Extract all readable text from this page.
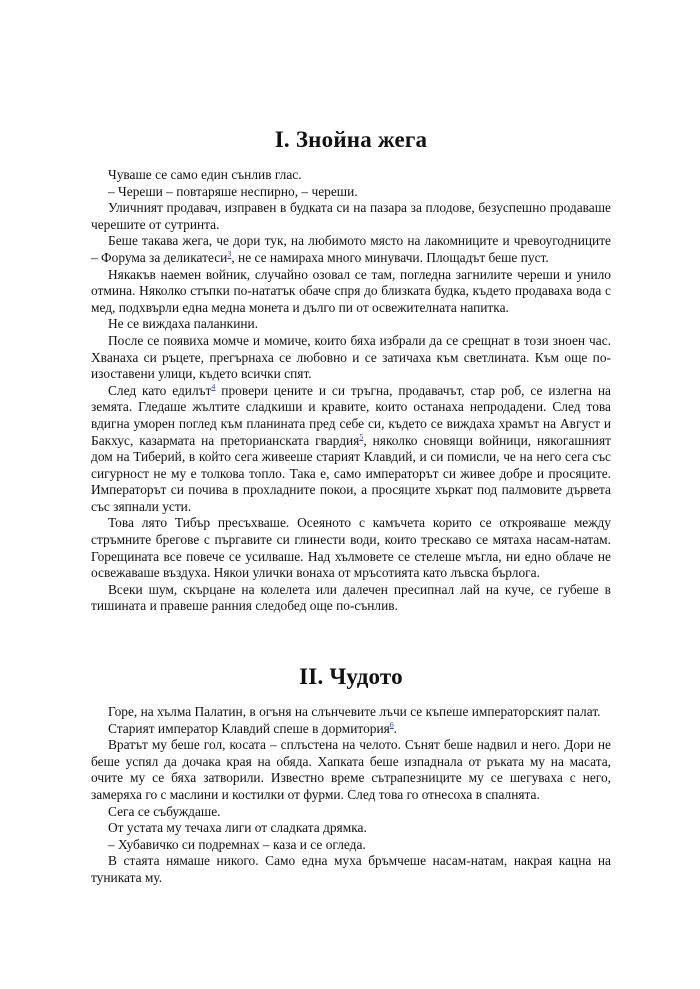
I. Знойна жега

Чуваше се само един сънлив глас.

– Череши – повтаряше неспирно, – череши.

Уличният продавач, изправен в будката си на пазара за плодове, безуспешно продаваше черешите от сутринта.

Беше такава жега, че дори тук, на любимото място на лакомниците и чревоугодниците – Форума за деликатеси$^3$, не се намираха много минувачи. Площадът беше пуст.

Някакъв наемен войник, случайно озовал се там, погледна загнилите череши и унило отмина. Няколко стъпки по-нататък обаче спря до близката будка, където продаваха вода с мед, подхвърли една медна монета и дълго пи от освежителната напитка.

Не се виждаха паланкини.

После се появиха момче и момиче, които бяха избрали да се срещнат в този зноен час. Хванаха си ръцете, прегърнаха се любовно и се затичаха към светлината. Към още по-изоставени улици, където всички спят.

След като едилът$^4$ провери цените и си тръгна, продавачът, стар роб, се излегна на земята. Гледаше жълтите сладкиши и кравите, които останаха непродадени. След това вдигна уморен поглед към планината пред себе си, където се виждаха храмът на Август и Бакхус, казармата на преторианската гвардия$^5$, няколко сновящи войници, някогашният дом на Тиберий, в който сега живееше старият Клавдий, и си помисли, че на него сега със сигурност не му е толкова топло. Така е, само императорът си живее добре и просяците. Императорът си почива в прохладните покои, а просяците хъркат под палмовите дървета със зяпнали усти.

Това лято Тибър пресъхваше. Осеяното с камъчета корито се открояваше между стръмните брегове с пъргавите си глинести води, които трескаво се мятаха насам-натам. Горещината все повече се усилваше. Над хълмовете се стелеше мъгла, ни едно облаче не освежаваше въздуха. Някои улички вонаха от мръсотията като лъвска бърлога.

Всеки шум, скърцане на колелета или далечен пресипнал лай на куче, се губеше в тишината и правеше ранния следобед още по-сънлив.

II. Чудото

Горе, на хълма Палатин, в огъня на слънчевите лъчи се къпеше императорският палат.

Старият император Клавдий спеше в дормитория$^6$.

Вратът му беше гол, косата – сплъстена на челото. Сънят беше надвил и него. Дори не беше успял да дочака края на обяда. Хапката беше изпаднала от ръката му на масата, очите му се бяха затворили. Известно време сътрапезниците му се шегуваха с него, замеряха го с маслини и костилки от фурми. След това го отнесоха в спалнята.

Сега се събуждаше.

От устата му течаха лиги от сладката дрямка.

– Хубавичко си подремнах – каза и се огледа.

В стаята нямаше никого. Само една муха бръмчеше насам-натам, накрая кацна на туниката му.
